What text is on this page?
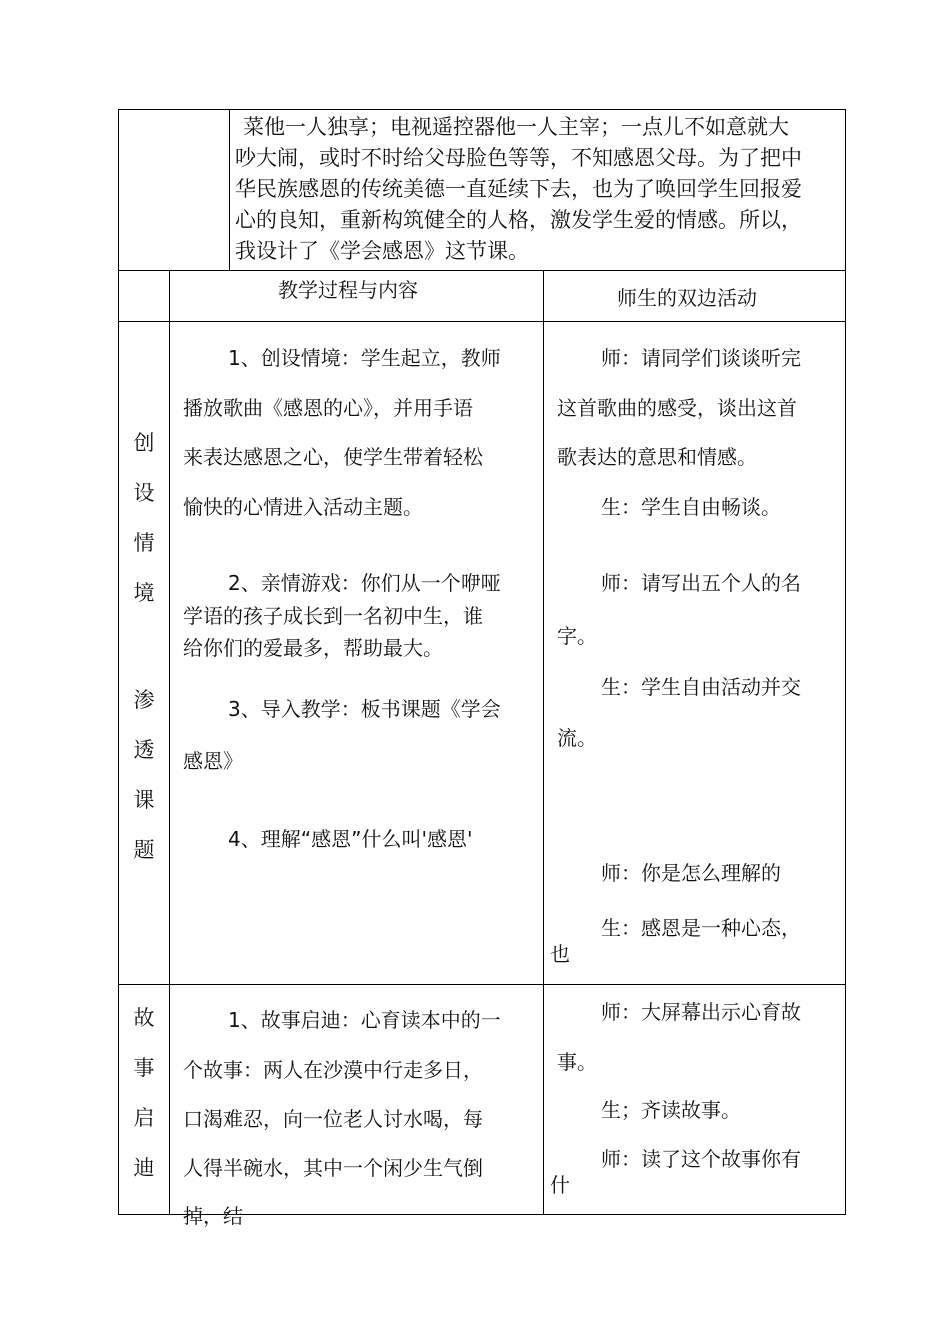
菜他一人独享；电视遥控器他一人主宰；一点儿不如意就大
吵大闹，或时不时给父母脸色等等，不知感恩父母。为了把中
华民族感恩的传统美德一直延续下去，也为了唤回学生回报爱
心的良知，重新构筑健全的人格，激发学生爱的情感。所以，
我设计了《学会感恩》这节课。
教学过程与内容	师生的双边活动
创
设
情
境
渗
透
课
题
1、创设情境：学生起立，教师
播放歌曲《感恩的心》，并用手语
来表达感恩之心，使学生带着轻松
愉快的心情进入活动主题。
2、亲情游戏：你们从一个咿哑
学语的孩子成长到一名初中生，谁
给你们的爱最多，帮助最大。
3、导入教学：板书课题《学会
感恩》
4、理解“感恩”什么叫'感恩'
师：请同学们谈谈听完
这首歌曲的感受，谈出这首
歌表达的意思和情感。
生：学生自由畅谈。
师：请写出五个人的名
字。
生：学生自由活动并交
流。
师：你是怎么理解的
生：感恩是一种心态，
也
故
事
启
迪
1、故事启迪：心育读本中的一
个故事：两人在沙漠中行走多日，
口渴难忍，向一位老人讨水喝，每
人得半碗水，其中一个闲少生气倒
掉，结
师：大屏幕出示心育故
事。
生；齐读故事。
师：读了这个故事你有
什
